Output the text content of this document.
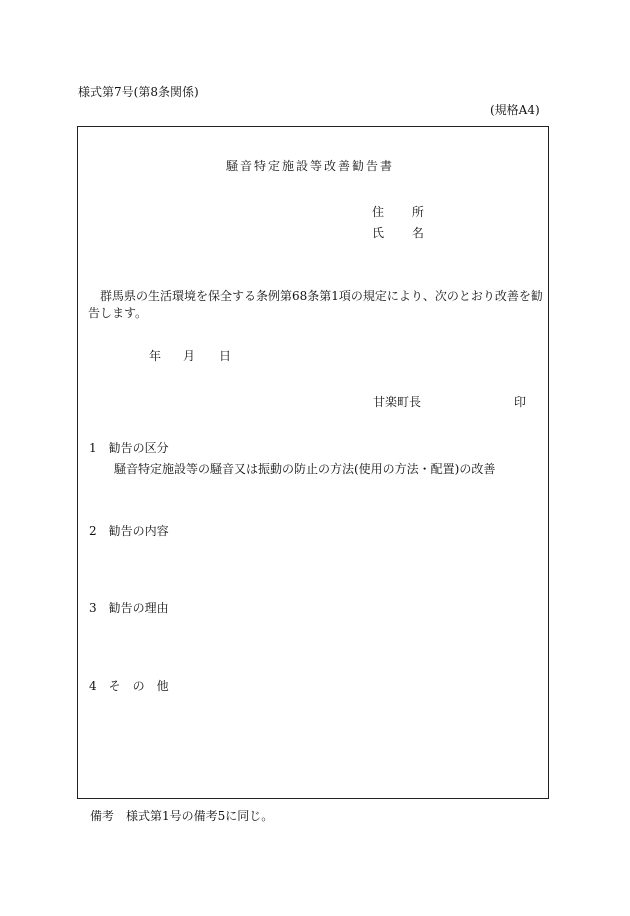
様式第7号(第8条関係)
(規格A4)
騒音特定施設等改善勧告書
住 所
氏 名
群馬県の生活環境を保全する条例第68条第1項の規定により、次のとおり改善を勧告します。
年 月 日
甘楽町長	印
1　勧告の区分
騒音特定施設等の騒音又は振動の防止の方法(使用の方法・配置)の改善
2　勧告の内容
3　勧告の理由
4　そ　の　他
備考　様式第1号の備考5に同じ。
